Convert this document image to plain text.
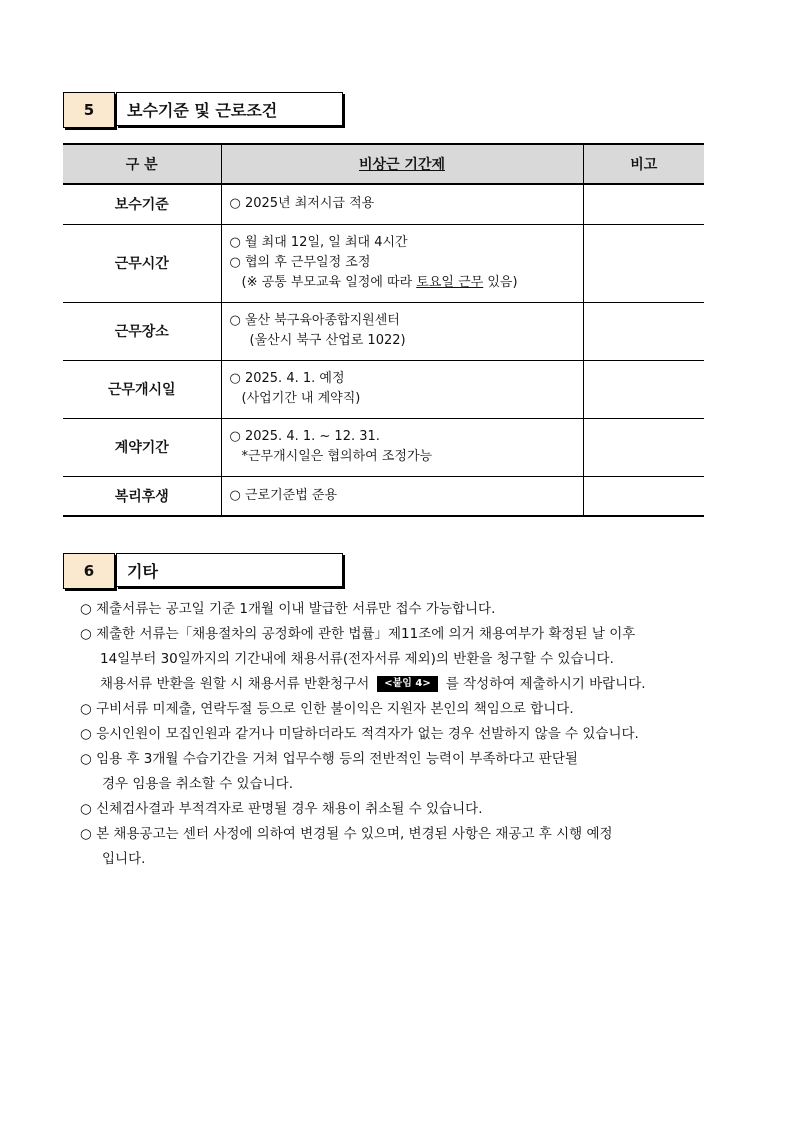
5	보수기준 및 근로조건
구 분	비상근 기간제	비고
보수기준	○ 2025년 최저시급 적용	

근무시간	○ 월 최대 12일, 일 최대 4시간
○ 협의 후 근무일정 조정
(※ 공통 부모교육 일정에 따라 토요일 근무 있음)	

근무장소	○ 울산 북구육아종합지원센터
(울산시 북구 산업로 1022)	

근무개시일	○ 2025. 4. 1. 예정
(사업기간 내 계약직)	

계약기간	○ 2025. 4. 1. ~ 12. 31.
*근무개시일은 협의하여 조정가능	

복리후생	○ 근로기준법 준용	

6	기타
○ 제출서류는 공고일 기준 1개월 이내 발급한 서류만 접수 가능합니다.
○ 제출한 서류는「채용절차의 공정화에 관한 법률」제11조에 의거 채용여부가 확정된 날 이후
14일부터 30일까지의 기간내에 채용서류(전자서류 제외)의 반환을 청구할 수 있습니다.
채용서류 반환을 원할 시 채용서류 반환청구서 <붙임 4> 를 작성하여 제출하시기 바랍니다.
○ 구비서류 미제출, 연락두절 등으로 인한 불이익은 지원자 본인의 책임으로 합니다.
○ 응시인원이 모집인원과 같거나 미달하더라도 적격자가 없는 경우 선발하지 않을 수 있습니다.
○ 임용 후 3개월 수습기간을 거쳐 업무수행 등의 전반적인 능력이 부족하다고 판단될
경우 임용을 취소할 수 있습니다.
○ 신체검사결과 부적격자로 판명될 경우 채용이 취소될 수 있습니다.
○ 본 채용공고는 센터 사정에 의하여 변경될 수 있으며, 변경된 사항은 재공고 후 시행 예정
입니다.
